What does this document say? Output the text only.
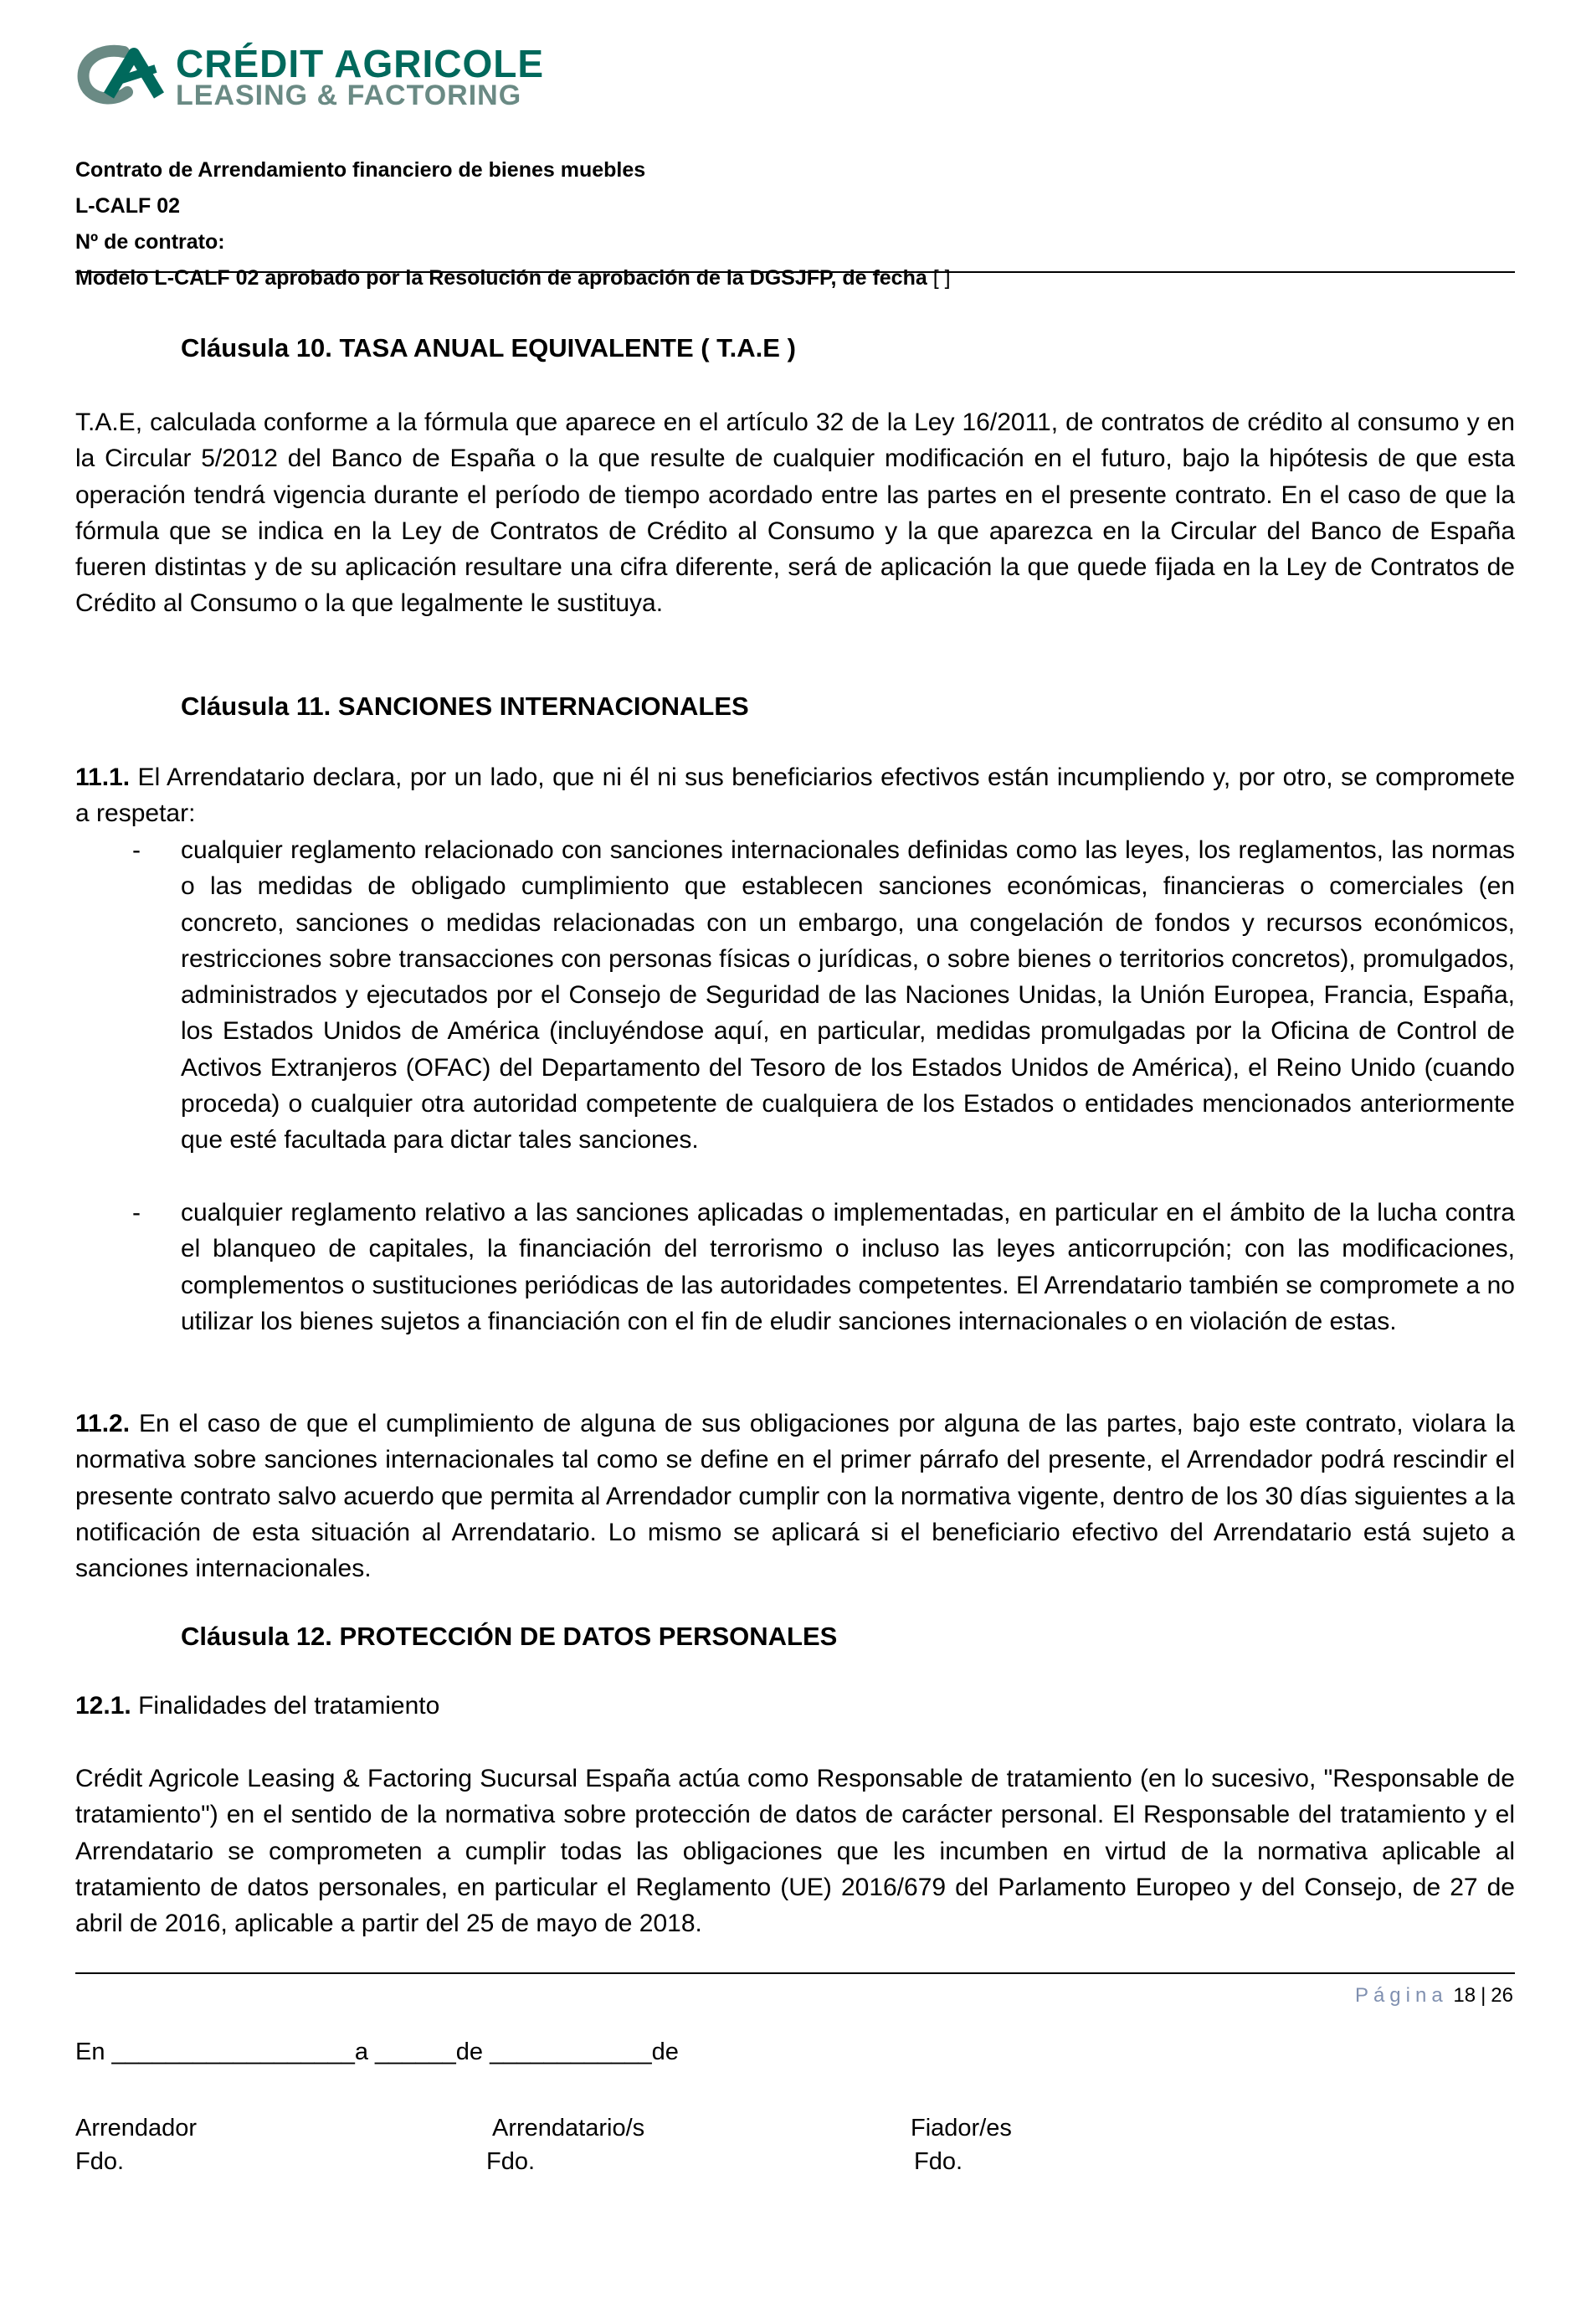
CRÉDIT AGRICOLE
LEASING & FACTORING
Contrato de Arrendamiento financiero de bienes muebles
L-CALF 02
Nº de contrato:
Modelo L-CALF 02 aprobado por la Resolución de aprobación de la DGSJFP, de fecha [ ]
Cláusula 10. TASA ANUAL EQUIVALENTE ( T.A.E )
T.A.E, calculada conforme a la fórmula que aparece en el artículo 32 de la Ley 16/2011, de contratos de crédito al consumo y en la Circular 5/2012 del Banco de España o la que resulte de cualquier modificación en el futuro, bajo la hipótesis de que esta operación tendrá vigencia durante el período de tiempo acordado entre las partes en el presente contrato. En el caso de que la fórmula que se indica en la Ley de Contratos de Crédito al Consumo y la que aparezca en la Circular del Banco de España fueren distintas y de su aplicación resultare una cifra diferente, será de aplicación la que quede fijada en la Ley de Contratos de Crédito al Consumo o la que legalmente le sustituya.
Cláusula 11. SANCIONES INTERNACIONALES
11.1. El Arrendatario declara, por un lado, que ni él ni sus beneficiarios efectivos están incumpliendo y, por otro, se compromete a respetar:
- cualquier reglamento relacionado con sanciones internacionales definidas como las leyes, los reglamentos, las normas o las medidas de obligado cumplimiento que establecen sanciones económicas, financieras o comerciales (en concreto, sanciones o medidas relacionadas con un embargo, una congelación de fondos y recursos económicos, restricciones sobre transacciones con personas físicas o jurídicas, o sobre bienes o territorios concretos), promulgados, administrados y ejecutados por el Consejo de Seguridad de las Naciones Unidas, la Unión Europea, Francia, España, los Estados Unidos de América (incluyéndose aquí, en particular, medidas promulgadas por la Oficina de Control de Activos Extranjeros (OFAC) del Departamento del Tesoro de los Estados Unidos de América), el Reino Unido (cuando proceda) o cualquier otra autoridad competente de cualquiera de los Estados o entidades mencionados anteriormente que esté facultada para dictar tales sanciones.
- cualquier reglamento relativo a las sanciones aplicadas o implementadas, en particular en el ámbito de la lucha contra el blanqueo de capitales, la financiación del terrorismo o incluso las leyes anticorrupción; con las modificaciones, complementos o sustituciones periódicas de las autoridades competentes. El Arrendatario también se compromete a no utilizar los bienes sujetos a financiación con el fin de eludir sanciones internacionales o en violación de estas.
11.2. En el caso de que el cumplimiento de alguna de sus obligaciones por alguna de las partes, bajo este contrato, violara la normativa sobre sanciones internacionales tal como se define en el primer párrafo del presente, el Arrendador podrá rescindir el presente contrato salvo acuerdo que permita al Arrendador cumplir con la normativa vigente, dentro de los 30 días siguientes a la notificación de esta situación al Arrendatario. Lo mismo se aplicará si el beneficiario efectivo del Arrendatario está sujeto a sanciones internacionales.
Cláusula 12. PROTECCIÓN DE DATOS PERSONALES
12.1. Finalidades del tratamiento
Crédit Agricole Leasing & Factoring Sucursal España actúa como Responsable de tratamiento (en lo sucesivo, "Responsable de tratamiento") en el sentido de la normativa sobre protección de datos de carácter personal. El Responsable del tratamiento y el Arrendatario se comprometen a cumplir todas las obligaciones que les incumben en virtud de la normativa aplicable al tratamiento de datos personales, en particular el Reglamento (UE) 2016/679 del Parlamento Europeo y del Consejo, de 27 de abril de 2016, aplicable a partir del 25 de mayo de 2018.
Página 18 | 26
En __________________a ______de ____________de
Arrendador
Fdo.
Arrendatario/s
Fdo.
Fiador/es
Fdo.
